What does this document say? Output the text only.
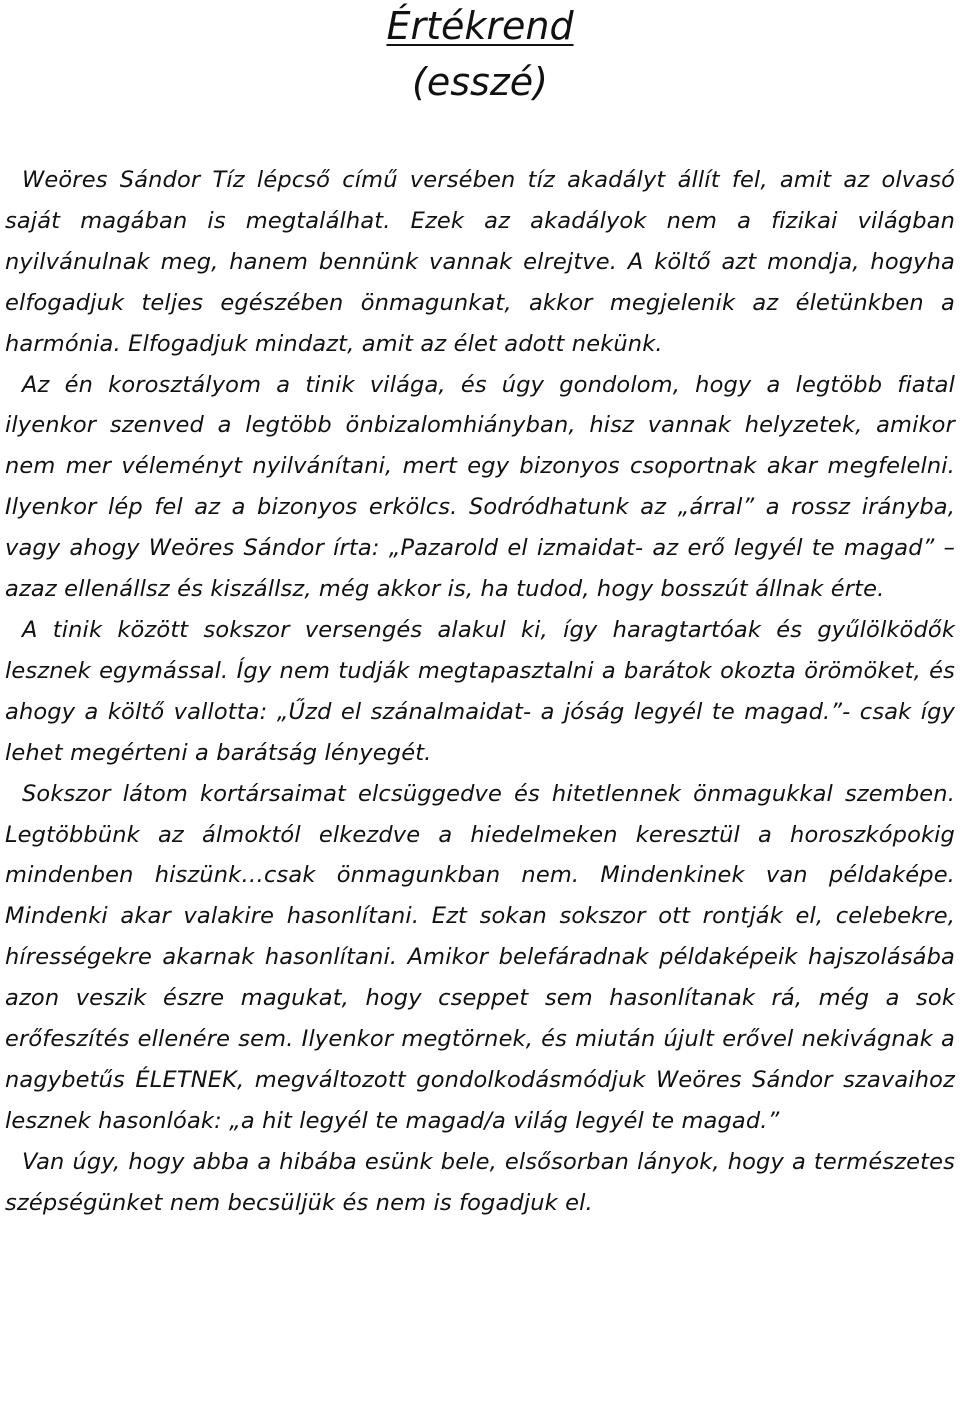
Értékrend
(esszé)

Weöres Sándor Tíz lépcső című versében tíz akadályt állít fel, amit az olvasó saját magában is megtalálhat. Ezek az akadályok nem a fizikai világban nyilvánulnak meg, hanem bennünk vannak elrejtve. A költő azt mondja, hogyha elfogadjuk teljes egészében önmagunkat, akkor megjelenik az életünkben a harmónia. Elfogadjuk mindazt, amit az élet adott nekünk.

Az én korosztályom a tinik világa, és úgy gondolom, hogy a legtöbb fiatal ilyenkor szenved a legtöbb önbizalomhiányban, hisz vannak helyzetek, amikor nem mer véleményt nyilvánítani, mert egy bizonyos csoportnak akar megfelelni. Ilyenkor lép fel az a bizonyos erkölcs. Sodródhatunk az „árral” a rossz irányba, vagy ahogy Weöres Sándor írta: „Pazarold el izmaidat- az erő legyél te magad” –azaz ellenállsz és kiszállsz, még akkor is, ha tudod, hogy bosszút állnak érte.

A tinik között sokszor versengés alakul ki, így haragtartóak és gyűlölködők lesznek egymással. Így nem tudják megtapasztalni a barátok okozta örömöket, és ahogy a költő vallotta: „Űzd el szánalmaidat- a jóság legyél te magad.”- csak így lehet megérteni a barátság lényegét.

Sokszor látom kortársaimat elcsüggedve és hitetlennek önmagukkal szemben. Legtöbbünk az álmoktól elkezdve a hiedelmeken keresztül a horoszkópokig mindenben hiszünk…csak önmagunkban nem. Mindenkinek van példaképe. Mindenki akar valakire hasonlítani. Ezt sokan sokszor ott rontják el, celebekre, hírességekre akarnak hasonlítani. Amikor belefáradnak példaképeik hajszolásába azon veszik észre magukat, hogy cseppet sem hasonlítanak rá, még a sok erőfeszítés ellenére sem. Ilyenkor megtörnek, és miután újult erővel nekivágnak a nagybetűs ÉLETNEK, megváltozott gondolkodásmódjuk Weöres Sándor szavaihoz lesznek hasonlóak: „a hit legyél te magad/a világ legyél te magad.”

Van úgy, hogy abba a hibába esünk bele, elsősorban lányok, hogy a természetes szépségünket nem becsüljük és nem is fogadjuk el.
